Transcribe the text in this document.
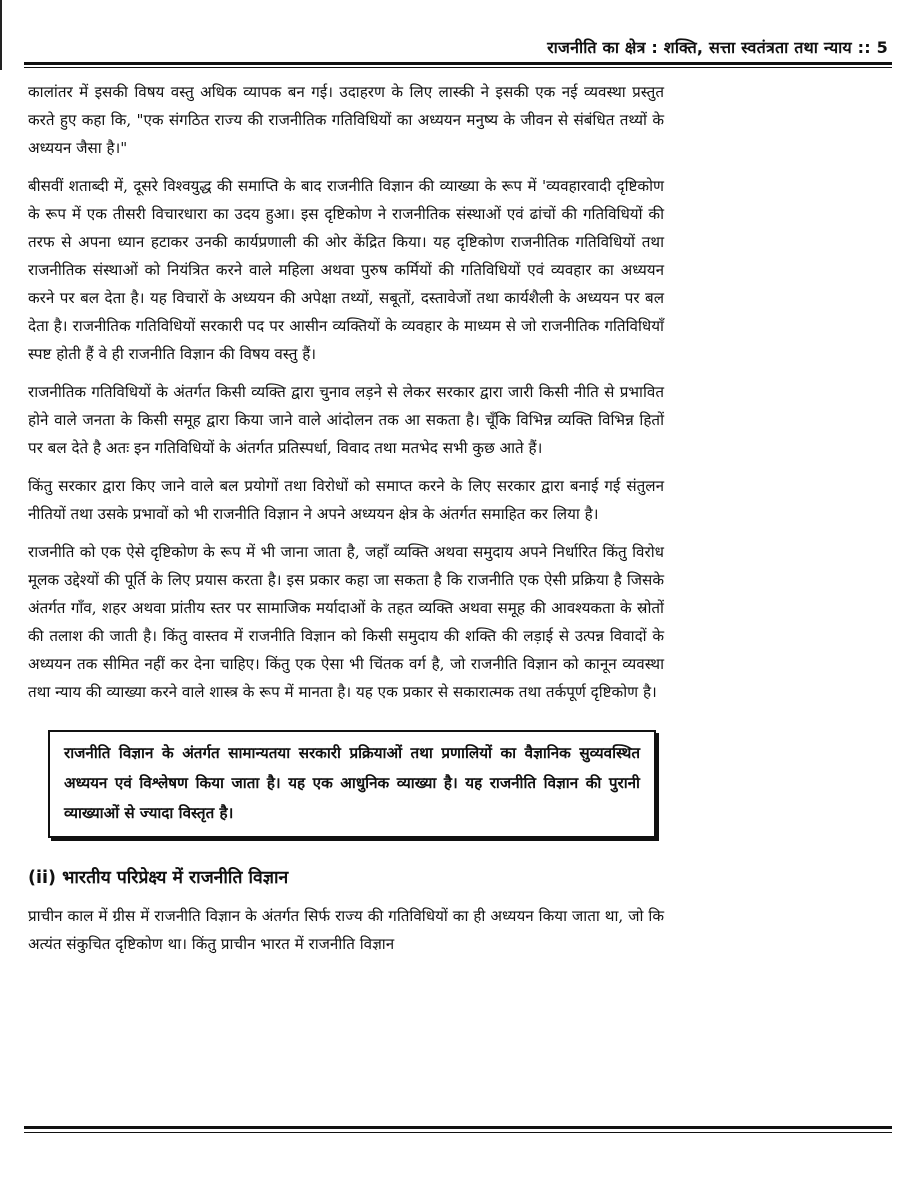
राजनीति का क्षेत्र : शक्ति, सत्ता स्वतंत्रता तथा न्याय :: 5

कालांतर में इसकी विषय वस्तु अधिक व्यापक बन गई। उदाहरण के लिए लास्की ने इसकी एक नई व्यवस्था प्रस्तुत करते हुए कहा कि, "एक संगठित राज्य की राजनीतिक गतिविधियों का अध्ययन मनुष्य के जीवन से संबंधित तथ्यों के अध्ययन जैसा है।"

बीसवीं शताब्दी में, दूसरे विश्वयुद्ध की समाप्ति के बाद राजनीति विज्ञान की व्याख्या के रूप में 'व्यवहारवादी दृष्टिकोण के रूप में एक तीसरी विचारधारा का उदय हुआ। इस दृष्टिकोण ने राजनीतिक संस्थाओं एवं ढांचों की गतिविधियों की तरफ से अपना ध्यान हटाकर उनकी कार्यप्रणाली की ओर केंद्रित किया। यह दृष्टिकोण राजनीतिक गतिविधियों तथा राजनीतिक संस्थाओं को नियंत्रित करने वाले महिला अथवा पुरुष कर्मियों की गतिविधियों एवं व्यवहार का अध्ययन करने पर बल देता है। यह विचारों के अध्ययन की अपेक्षा तथ्यों, सबूतों, दस्तावेजों तथा कार्यशैली के अध्ययन पर बल देता है। राजनीतिक गतिविधियों सरकारी पद पर आसीन व्यक्तियों के व्यवहार के माध्यम से जो राजनीतिक गतिविधियाँ स्पष्ट होती हैं वे ही राजनीति विज्ञान की विषय वस्तु हैं।

राजनीतिक गतिविधियों के अंतर्गत किसी व्यक्ति द्वारा चुनाव लड़ने से लेकर सरकार द्वारा जारी किसी नीति से प्रभावित होने वाले जनता के किसी समूह द्वारा किया जाने वाले आंदोलन तक आ सकता है। चूँकि विभिन्न व्यक्ति विभिन्न हितों पर बल देते है अतः इन गतिविधियों के अंतर्गत प्रतिस्पर्धा, विवाद तथा मतभेद सभी कुछ आते हैं।

किंतु सरकार द्वारा किए जाने वाले बल प्रयोगों तथा विरोधों को समाप्त करने के लिए सरकार द्वारा बनाई गई संतुलन नीतियों तथा उसके प्रभावों को भी राजनीति विज्ञान ने अपने अध्ययन क्षेत्र के अंतर्गत समाहित कर लिया है।

राजनीति को एक ऐसे दृष्टिकोण के रूप में भी जाना जाता है, जहाँ व्यक्ति अथवा समुदाय अपने निर्धारित किंतु विरोध मूलक उद्देश्यों की पूर्ति के लिए प्रयास करता है। इस प्रकार कहा जा सकता है कि राजनीति एक ऐसी प्रक्रिया है जिसके अंतर्गत गाँव, शहर अथवा प्रांतीय स्तर पर सामाजिक मर्यादाओं के तहत व्यक्ति अथवा समूह की आवश्यकता के स्रोतों की तलाश की जाती है। किंतु वास्तव में राजनीति विज्ञान को किसी समुदाय की शक्ति की लड़ाई से उत्पन्न विवादों के अध्ययन तक सीमित नहीं कर देना चाहिए। किंतु एक ऐसा भी चिंतक वर्ग है, जो राजनीति विज्ञान को कानून व्यवस्था तथा न्याय की व्याख्या करने वाले शास्त्र के रूप में मानता है। यह एक प्रकार से सकारात्मक तथा तर्कपूर्ण दृष्टिकोण है।

राजनीति विज्ञान के अंतर्गत सामान्यतया सरकारी प्रक्रियाओं तथा प्रणालियों का वैज्ञानिक सुव्यवस्थित अध्ययन एवं विश्लेषण किया जाता है। यह एक आधुनिक व्याख्या है। यह राजनीति विज्ञान की पुरानी व्याख्याओं से ज्यादा विस्तृत है।
(ii) भारतीय परिप्रेक्ष्य में राजनीति विज्ञान

प्राचीन काल में ग्रीस में राजनीति विज्ञान के अंतर्गत सिर्फ राज्य की गतिविधियों का ही अध्ययन किया जाता था, जो कि अत्यंत संकुचित दृष्टिकोण था। किंतु प्राचीन भारत में राजनीति विज्ञान
